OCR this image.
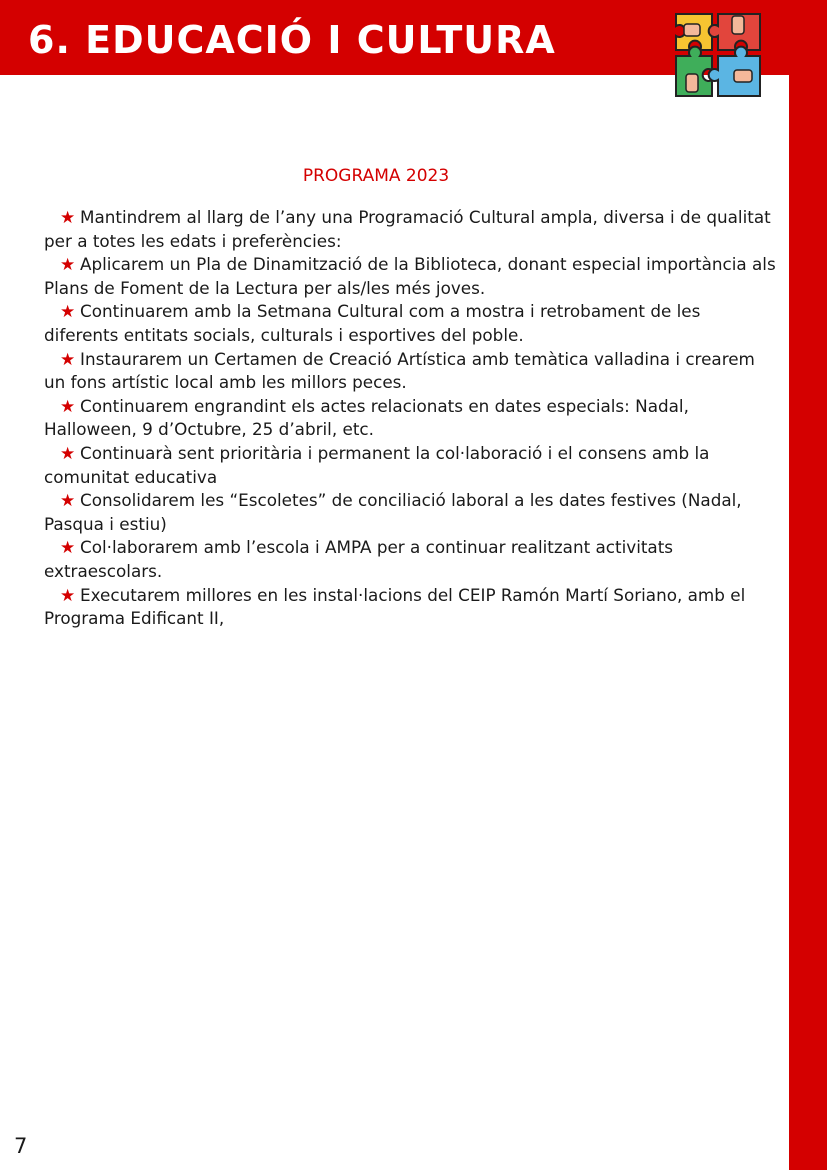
6. EDUCACIÓ I CULTURA
PROGRAMA 2023
★ Mantindrem al llarg de l’any una Programació Cultural ampla, diversa i de qualitat per a totes les edats i preferències:
★ Aplicarem un Pla de Dinamització de la Biblioteca, donant especial importància als Plans de Foment de la Lectura per als/les més joves.
★ Continuarem amb la Setmana Cultural com a mostra i retrobament de les diferents entitats socials, culturals i esportives del poble.
★ Instaurarem un Certamen de Creació Artística amb temàtica valladina i crearem un fons artístic local amb les millors peces.
★ Continuarem engrandint els actes relacionats en dates especials: Nadal, Halloween, 9 d’Octubre, 25 d’abril, etc.
★ Continuarà sent prioritària i permanent la col·laboració i el consens amb la comunitat educativa
★ Consolidarem les “Escoletes” de conciliació laboral a les dates festives (Nadal, Pasqua i estiu)
★ Col·laborarem amb l’escola i AMPA per a continuar realitzant activitats extraescolars.
★ Executarem millores en les instal·lacions del CEIP Ramón Martí Soriano, amb el Programa Edificant II,
7
